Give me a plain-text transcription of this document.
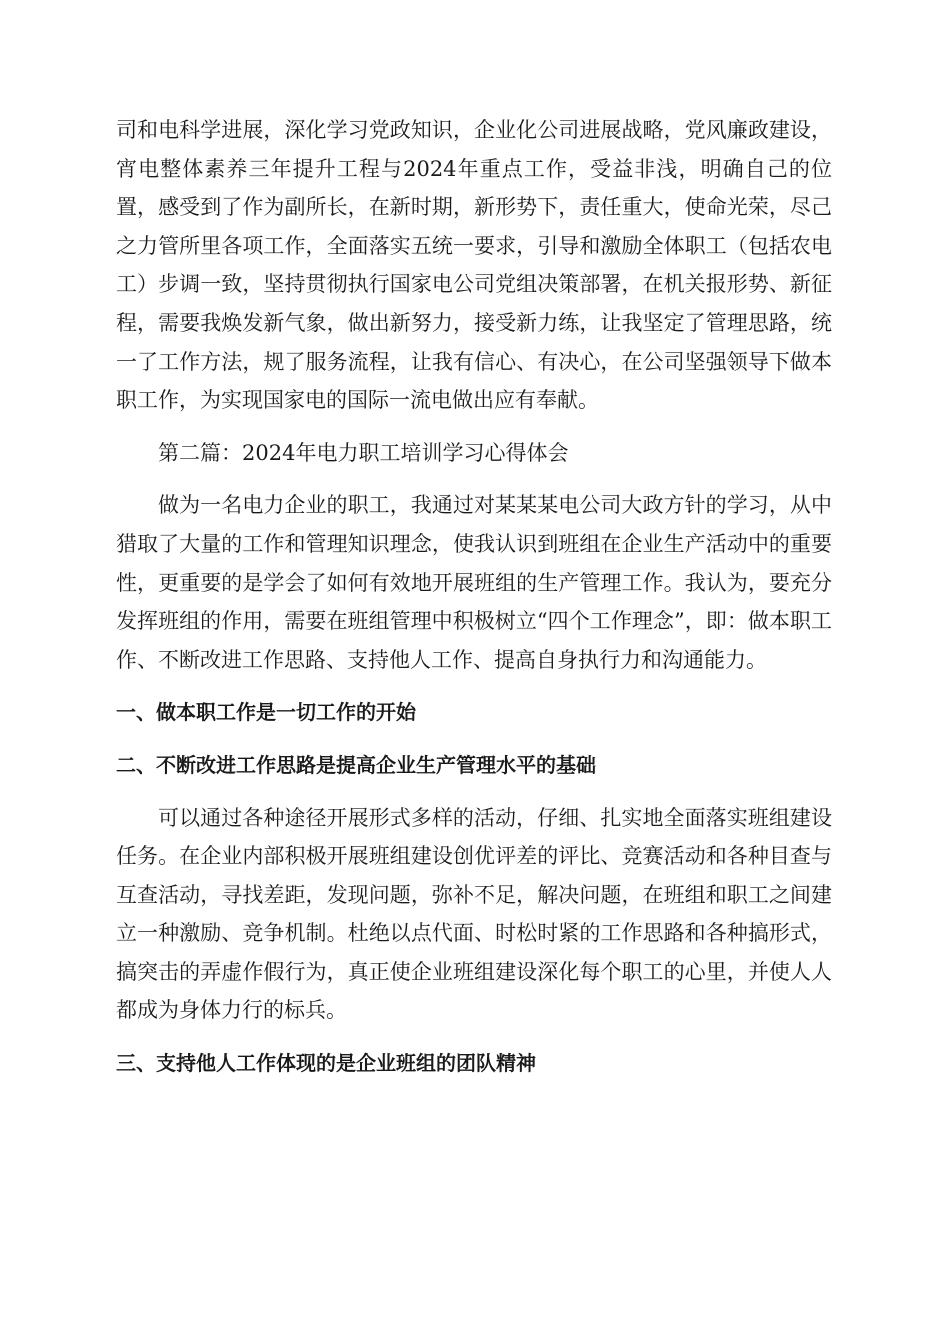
司和电科学进展，深化学习党政知识，企业化公司进展战略，党风廉政建设，宵电整体素养三年提升工程与2024年重点工作，受益非浅，明确自己的位置，感受到了作为副所长，在新时期，新形势下，责任重大，使命光荣，尽己之力管所里各项工作，全面落实五统一要求，引导和激励全体职工（包括农电工）步调一致，坚持贯彻执行国家电公司党组决策部署，在机关报形势、新征程，需要我焕发新气象，做出新努力，接受新力练，让我坚定了管理思路，统一了工作方法，规了服务流程，让我有信心、有决心，在公司坚强领导下做本职工作，为实现国家电的国际一流电做出应有奉献。

第二篇：2024年电力职工培训学习心得体会

做为一名电力企业的职工，我通过对某某某电公司大政方针的学习，从中猎取了大量的工作和管理知识理念，使我认识到班组在企业生产活动中的重要性，更重要的是学会了如何有效地开展班组的生产管理工作。我认为，要充分发挥班组的作用，需要在班组管理中积极树立“四个工作理念”，即：做本职工作、不断改进工作思路、支持他人工作、提高自身执行力和沟通能力。

一、做本职工作是一切工作的开始

二、不断改进工作思路是提高企业生产管理水平的基础

可以通过各种途径开展形式多样的活动，仔细、扎实地全面落实班组建设任务。在企业内部积极开展班组建设创优评差的评比、竞赛活动和各种目查与互查活动，寻找差距，发现问题，弥补不足，解决问题，在班组和职工之间建立一种激励、竞争机制。杜绝以点代面、时松时紧的工作思路和各种搞形式，搞突击的弄虚作假行为，真正使企业班组建设深化每个职工的心里，并使人人都成为身体力行的标兵。

三、支持他人工作体现的是企业班组的团队精神
